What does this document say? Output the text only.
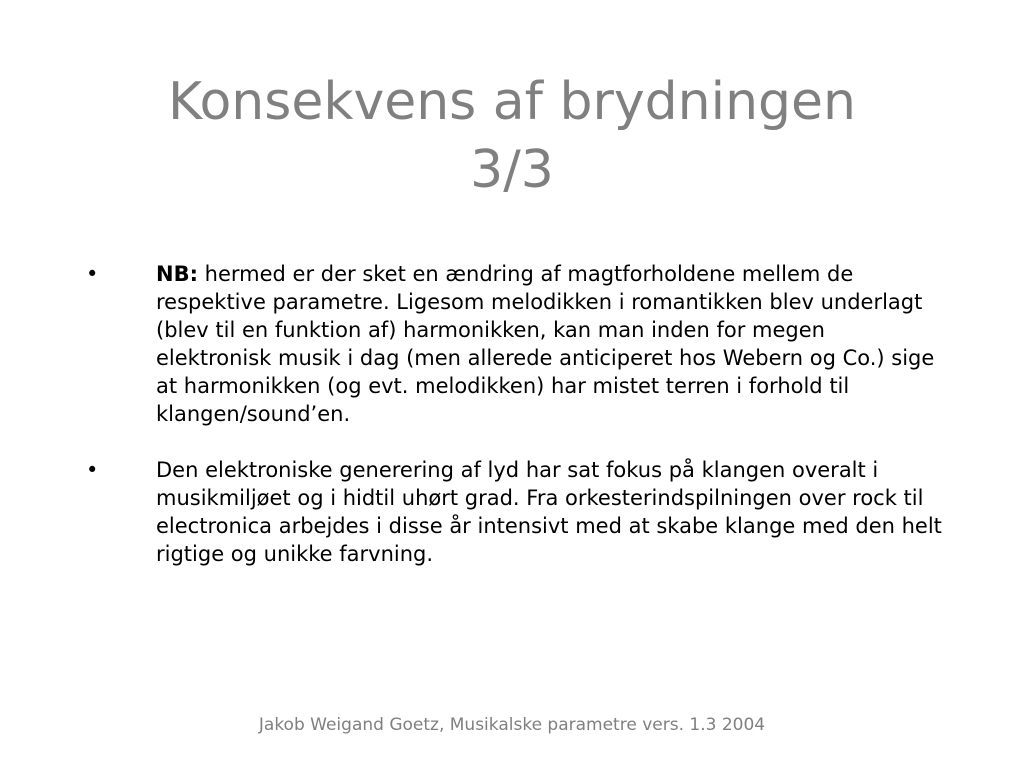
Konsekvens af brydningen
3/3
•	NB: hermed er der sket en ændring af magtforholdene mellem de respektive parametre. Ligesom melodikken i romantikken blev underlagt (blev til en funktion af) harmonikken, kan man inden for megen elektronisk musik i dag (men allerede anticiperet hos Webern og Co.) sige at harmonikken (og evt. melodikken) har mistet terren i forhold til klangen/sound’en.
•	Den elektroniske generering af lyd har sat fokus på klangen overalt i musikmiljøet og i hidtil uhørt grad. Fra orkesterindspilningen over rock til electronica arbejdes i disse år intensivt med at skabe klange med den helt rigtige og unikke farvning.
Jakob Weigand Goetz, Musikalske parametre vers. 1.3 2004
